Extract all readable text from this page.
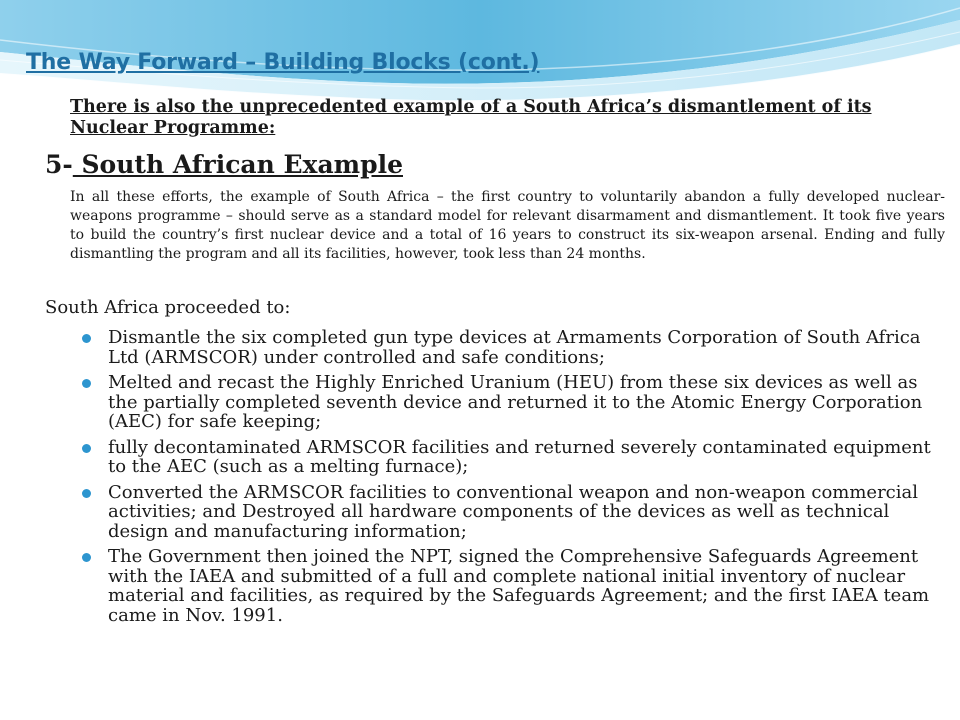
The Way Forward – Building Blocks (cont.)

There is also the unprecedented example of a South Africa’s dismantlement of its Nuclear Programme:

5- South African Example

In all these efforts, the example of South Africa – the first country to voluntarily abandon a fully developed nuclear-weapons programme – should serve as a standard model for relevant disarmament and dismantlement. It took five years to build the country’s first nuclear device and a total of 16 years to construct its six-weapon arsenal. Ending and fully dismantling the program and all its facilities, however, took less than 24 months.

South Africa proceeded to:

Dismantle the six completed gun type devices at Armaments Corporation of South Africa Ltd (ARMSCOR) under controlled and safe conditions;
Melted and recast the Highly Enriched Uranium (HEU) from these six devices as well as the partially completed seventh device and returned it to the Atomic Energy Corporation (AEC) for safe keeping;
fully decontaminated ARMSCOR facilities and returned severely contaminated equipment to the AEC (such as a melting furnace);
Converted the ARMSCOR facilities to conventional weapon and non-weapon commercial activities; and Destroyed all hardware components of the devices as well as technical design and manufacturing information;
The Government then joined the NPT, signed the Comprehensive Safeguards Agreement with the IAEA and submitted of a full and complete national initial inventory of nuclear material and facilities, as required by the Safeguards Agreement; and the first IAEA team came in Nov. 1991.
